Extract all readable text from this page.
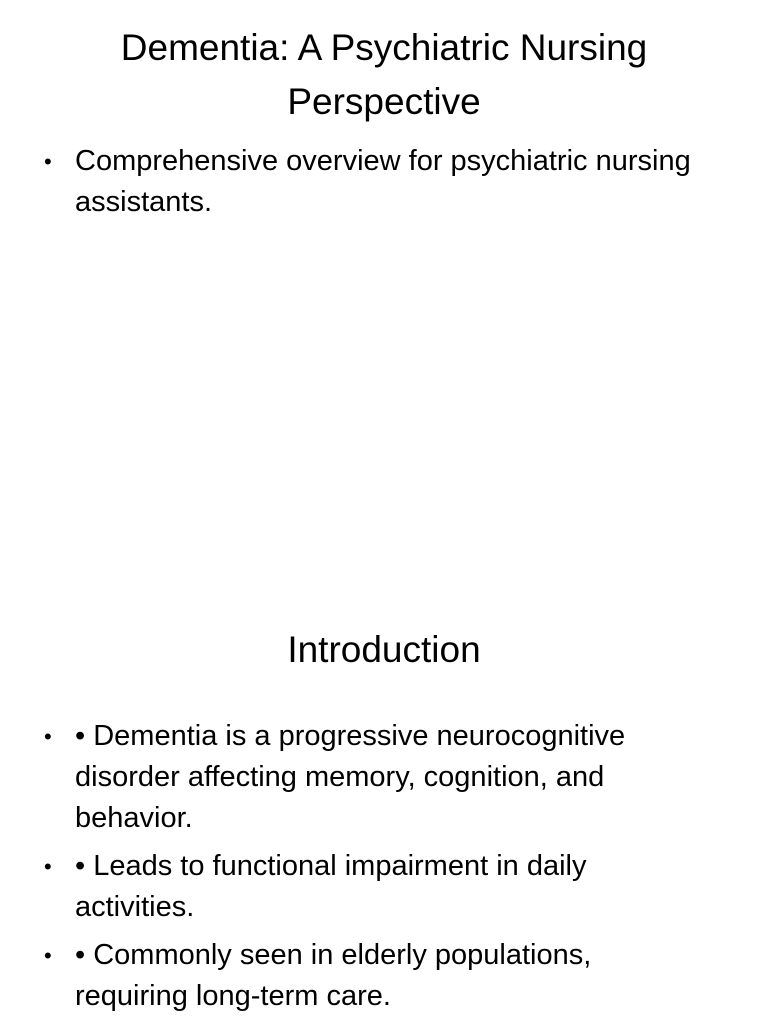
Dementia: A Psychiatric Nursing Perspective
• Comprehensive overview for psychiatric nursing assistants.
Introduction
• • Dementia is a progressive neurocognitive disorder affecting memory, cognition, and behavior.
• • Leads to functional impairment in daily activities.
• • Commonly seen in elderly populations, requiring long-term care.
